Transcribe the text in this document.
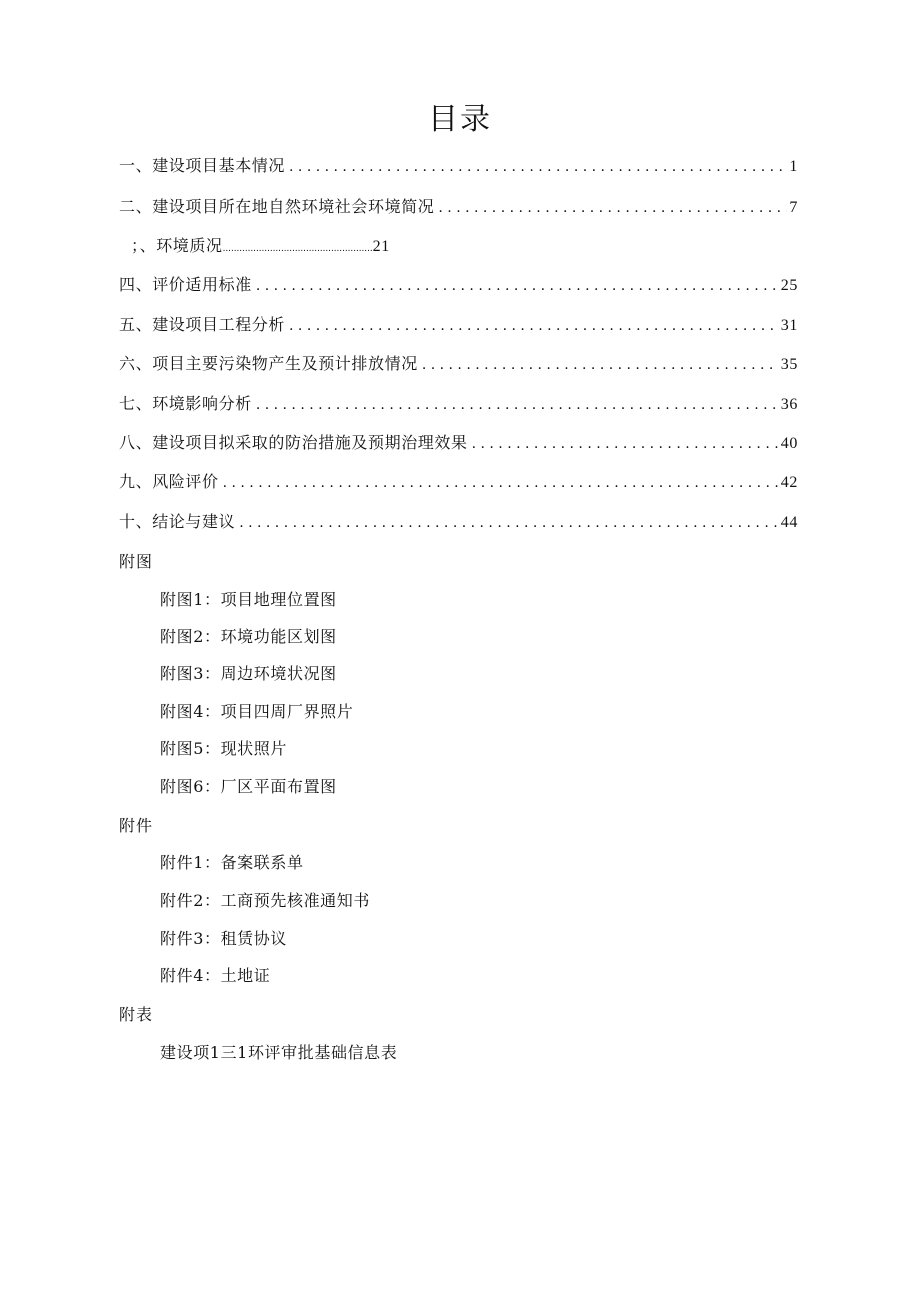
目录
一、建设项目基本情况 . . .	1
二、建设项目所在地自然环境社会环境简况 . . .	7
；、环境质况......................................................21
四、评价适用标准 . . .	25
五、建设项目工程分析 . . .	31
六、项目主要污染物产生及预计排放情况 . . .	35
七、环境影响分析 . . .	36
八、建设项目拟采取的防治措施及预期治理效果 . . .	40
九、风险评价 . . .	42
十、结论与建议 . . .	44
附图
附图1：项目地理位置图
附图2：环境功能区划图
附图3：周边环境状况图
附图4：项目四周厂界照片
附图5：现状照片
附图6：厂区平面布置图
附件
附件1：备案联系单
附件2：工商预先核准通知书
附件3：租赁协议
附件4：土地证
附表
建设项1三1环评审批基础信息表
